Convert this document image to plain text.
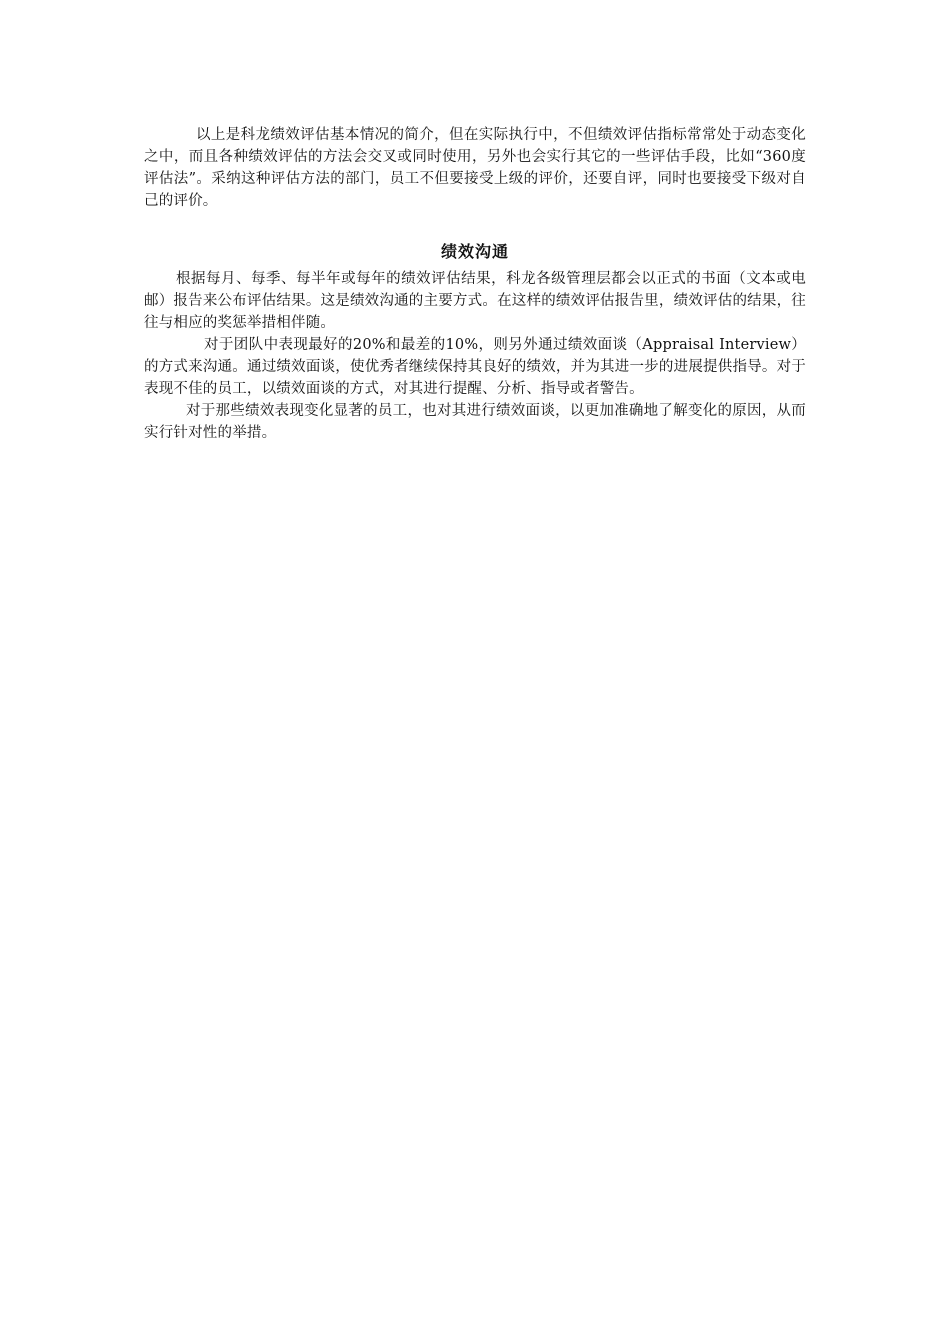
以上是科龙绩效评估基本情况的简介，但在实际执行中，不但绩效评估指标常常处于动态变化之中，而且各种绩效评估的方法会交叉或同时使用，另外也会实行其它的一些评估手段，比如“360度评估法”。采纳这种评估方法的部门，员工不但要接受上级的评价，还要自评，同时也要接受下级对自己的评价。

绩效沟通

根据每月、每季、每半年或每年的绩效评估结果，科龙各级管理层都会以正式的书面（文本或电邮）报告来公布评估结果。这是绩效沟通的主要方式。在这样的绩效评估报告里，绩效评估的结果，往往与相应的奖惩举措相伴随。

对于团队中表现最好的20%和最差的10%，则另外通过绩效面谈（Appraisal Interview）的方式来沟通。通过绩效面谈，使优秀者继续保持其良好的绩效，并为其进一步的进展提供指导。对于表现不佳的员工，以绩效面谈的方式，对其进行提醒、分析、指导或者警告。

对于那些绩效表现变化显著的员工，也对其进行绩效面谈，以更加准确地了解变化的原因，从而实行针对性的举措。
